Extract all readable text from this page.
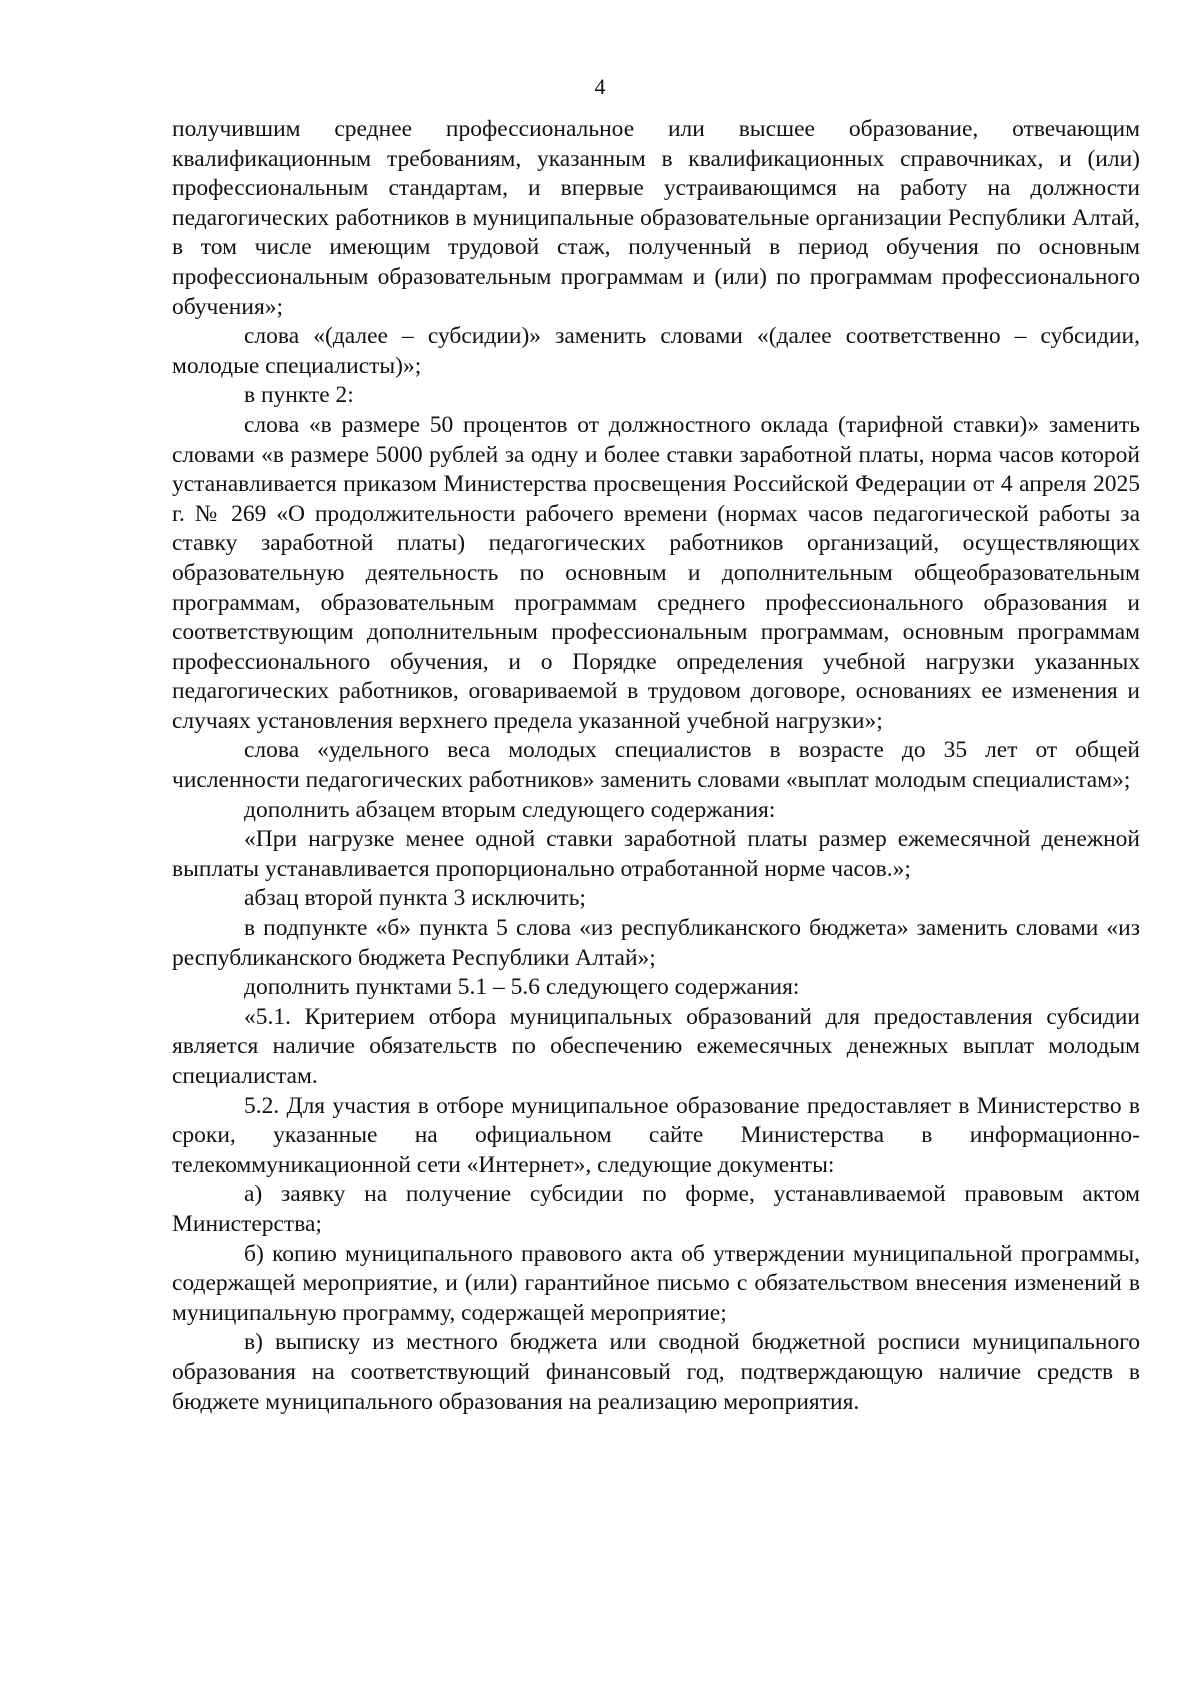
4

получившим среднее профессиональное или высшее образование, отвечающим квалификационным требованиям, указанным в квалификационных справочниках, и (или) профессиональным стандартам, и впервые устраивающимся на работу на должности педагогических работников в муниципальные образовательные организации Республики Алтай, в том числе имеющим трудовой стаж, полученный в период обучения по основным профессиональным образовательным программам и (или) по программам профессионального обучения»;

слова «(далее – субсидии)» заменить словами «(далее соответственно – субсидии, молодые специалисты)»;

в пункте 2:

слова «в размере 50 процентов от должностного оклада (тарифной ставки)» заменить словами «в размере 5000 рублей за одну и более ставки заработной платы, норма часов которой устанавливается приказом Министерства просвещения Российской Федерации от 4 апреля 2025 г. № 269 «О продолжительности рабочего времени (нормах часов педагогической работы за ставку заработной платы) педагогических работников организаций, осуществляющих образовательную деятельность по основным и дополнительным общеобразовательным программам, образовательным программам среднего профессионального образования и соответствующим дополнительным профессиональным программам, основным программам профессионального обучения, и о Порядке определения учебной нагрузки указанных педагогических работников, оговариваемой в трудовом договоре, основаниях ее изменения и случаях установления верхнего предела указанной учебной нагрузки»;

слова «удельного веса молодых специалистов в возрасте до 35 лет от общей численности педагогических работников» заменить словами «выплат молодым специалистам»;

дополнить абзацем вторым следующего содержания:

«При нагрузке менее одной ставки заработной платы размер ежемесячной денежной выплаты устанавливается пропорционально отработанной норме часов.»;

абзац второй пункта 3 исключить;

в подпункте «б» пункта 5 слова «из республиканского бюджета» заменить словами «из республиканского бюджета Республики Алтай»;

дополнить пунктами 5.1 – 5.6 следующего содержания:

«5.1. Критерием отбора муниципальных образований для предоставления субсидии является наличие обязательств по обеспечению ежемесячных денежных выплат молодым специалистам.

5.2. Для участия в отборе муниципальное образование предоставляет в Министерство в сроки, указанные на официальном сайте Министерства в информационно- телекоммуникационной сети «Интернет», следующие документы:

а) заявку на получение субсидии по форме, устанавливаемой правовым актом Министерства;

б) копию муниципального правового акта об утверждении муниципальной программы, содержащей мероприятие, и (или) гарантийное письмо с обязательством внесения изменений в муниципальную программу, содержащей мероприятие;

в) выписку из местного бюджета или сводной бюджетной росписи муниципального образования на соответствующий финансовый год, подтверждающую наличие средств в бюджете муниципального образования на реализацию мероприятия.
